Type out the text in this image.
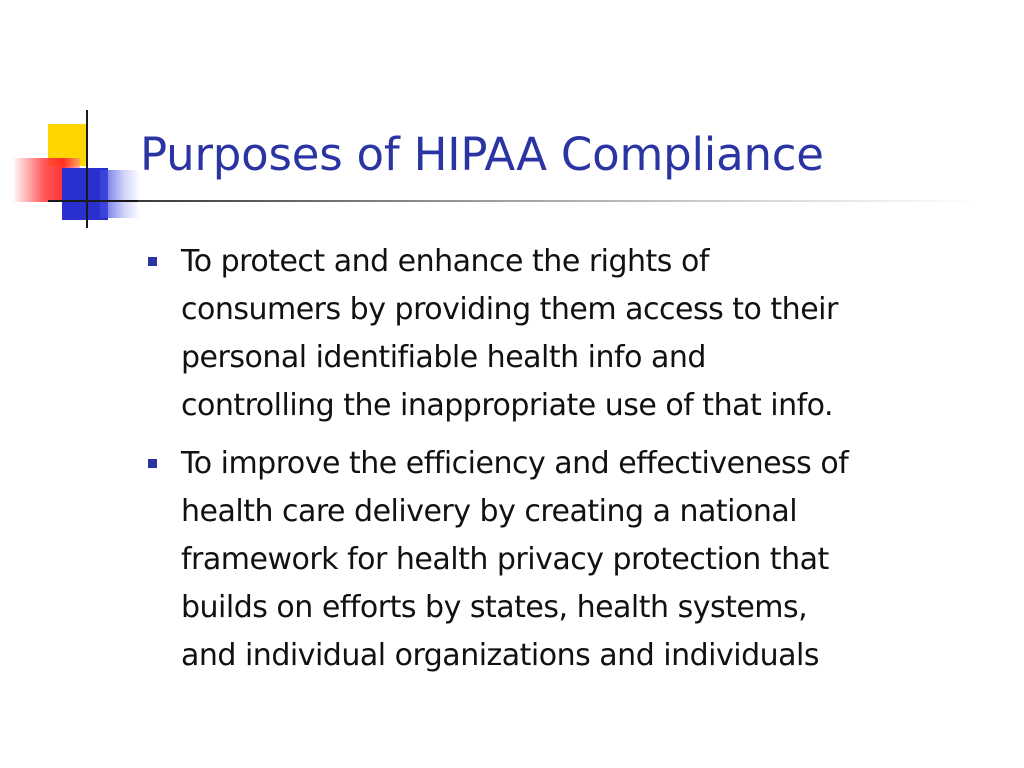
Purposes of HIPAA Compliance
To protect and enhance the rights of
consumers by providing them access to their
personal identifiable health info and
controlling the inappropriate use of that info.
To improve the efficiency and effectiveness of
health care delivery by creating a national
framework for health privacy protection that
builds on efforts by states, health systems,
and individual organizations and individuals
